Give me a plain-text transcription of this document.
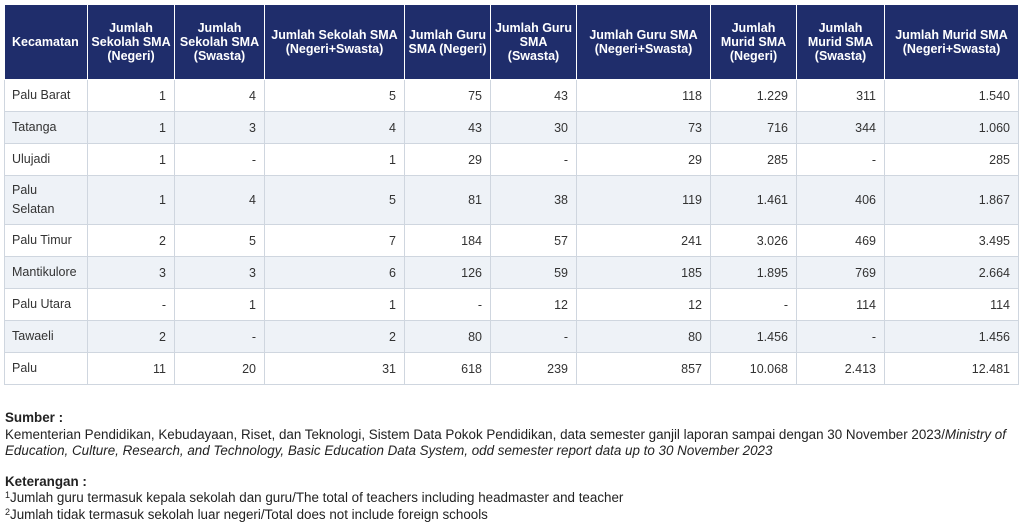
Kecamatan	Jumlah Sekolah SMA (Negeri)	Jumlah Sekolah SMA (Swasta)	Jumlah Sekolah SMA (Negeri+Swasta)	Jumlah Guru SMA (Negeri)	Jumlah Guru SMA (Swasta)	Jumlah Guru SMA (Negeri+Swasta)	Jumlah Murid SMA (Negeri)	Jumlah Murid SMA (Swasta)	Jumlah Murid SMA (Negeri+Swasta)
Palu Barat	1	4	5	75	43	118	1.229	311	1.540
Tatanga	1	3	4	43	30	73	716	344	1.060
Ulujadi	1	-	1	29	-	29	285	-	285
Palu Selatan	1	4	5	81	38	119	1.461	406	1.867
Palu Timur	2	5	7	184	57	241	3.026	469	3.495
Mantikulore	3	3	6	126	59	185	1.895	769	2.664
Palu Utara	-	1	1	-	12	12	-	114	114
Tawaeli	2	-	2	80	-	80	1.456	-	1.456
Palu	11	20	31	618	239	857	10.068	2.413	12.481
Sumber :
Kementerian Pendidikan, Kebudayaan, Riset, dan Teknologi, Sistem Data Pokok Pendidikan, data semester ganjil laporan sampai dengan 30 November 2023/Ministry of Education, Culture, Research, and Technology, Basic Education Data System, odd semester report data up to 30 November 2023
Keterangan :
$^1$Jumlah guru termasuk kepala sekolah dan guru/The total of teachers including headmaster and teacher
$^2$Jumlah tidak termasuk sekolah luar negeri/Total does not include foreign schools
